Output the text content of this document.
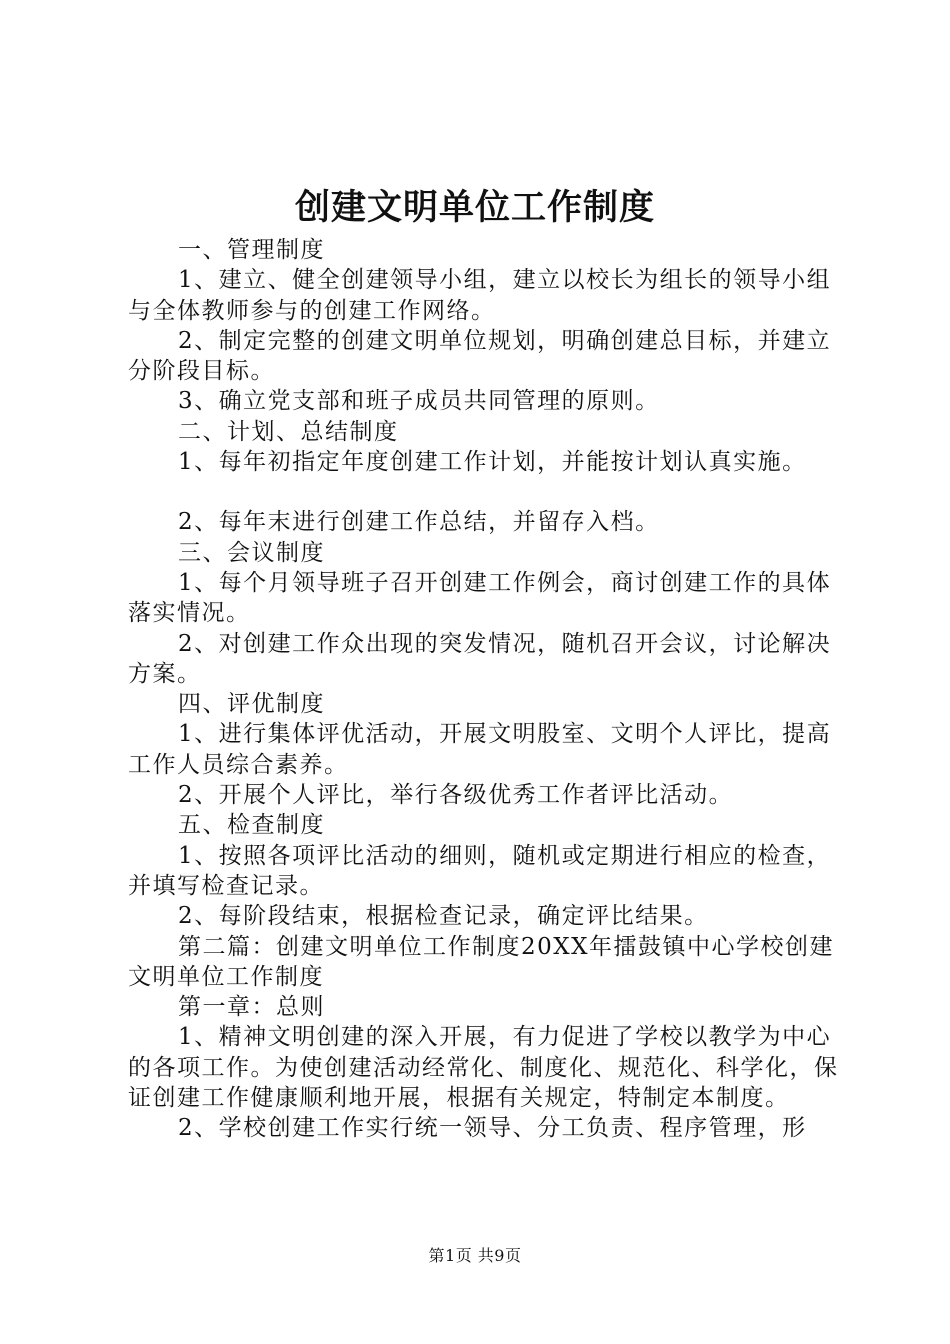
创建文明单位工作制度

一、管理制度

1、建立、健全创建领导小组，建立以校长为组长的领导小组与全体教师参与的创建工作网络。

2、制定完整的创建文明单位规划，明确创建总目标，并建立分阶段目标。

3、确立党支部和班子成员共同管理的原则。

二、计划、总结制度

1、每年初指定年度创建工作计划，并能按计划认真实施。

2、每年末进行创建工作总结，并留存入档。

三、会议制度

1、每个月领导班子召开创建工作例会，商讨创建工作的具体落实情况。

2、对创建工作众出现的突发情况，随机召开会议，讨论解决方案。

四、评优制度

1、进行集体评优活动，开展文明股室、文明个人评比，提高工作人员综合素养。

2、开展个人评比，举行各级优秀工作者评比活动。

五、检查制度

1、按照各项评比活动的细则，随机或定期进行相应的检查，并填写检查记录。

2、每阶段结束，根据检查记录，确定评比结果。

第二篇：创建文明单位工作制度20XX年擂鼓镇中心学校创建文明单位工作制度

第一章：总则

1、精神文明创建的深入开展，有力促进了学校以教学为中心的各项工作。为使创建活动经常化、制度化、规范化、科学化，保证创建工作健康顺利地开展，根据有关规定，特制定本制度。

2、学校创建工作实行统一领导、分工负责、程序管理，形

第1页 共9页
